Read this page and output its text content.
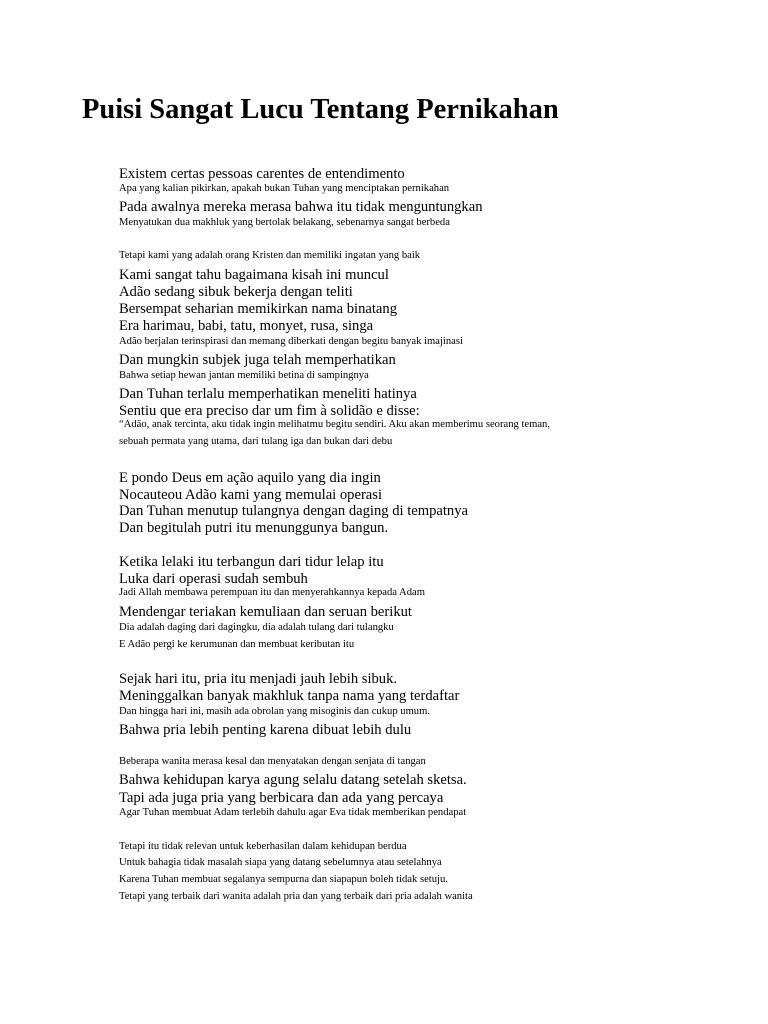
Puisi Sangat Lucu Tentang Pernikahan

Existem certas pessoas carentes de entendimento

Apa yang kalian pikirkan, apakah bukan Tuhan yang menciptakan pernikahan

Pada awalnya mereka merasa bahwa itu tidak menguntungkan

Menyatukan dua makhluk yang bertolak belakang, sebenarnya sangat berbeda

Tetapi kami yang adalah orang Kristen dan memiliki ingatan yang baik

Kami sangat tahu bagaimana kisah ini muncul

Adão sedang sibuk bekerja dengan teliti

Bersempat seharian memikirkan nama binatang

Era harimau, babi, tatu, monyet, rusa, singa

Adão berjalan terinspirasi dan memang diberkati dengan begitu banyak imajinasi

Dan mungkin subjek juga telah memperhatikan

Bahwa setiap hewan jantan memiliki betina di sampingnya

Dan Tuhan terlalu memperhatikan meneliti hatinya

Sentiu que era preciso dar um fim à solidão e disse:

“Adão, anak tercinta, aku tidak ingin melihatmu begitu sendiri. Aku akan memberimu seorang teman,

sebuah permata yang utama, dari tulang iga dan bukan dari debu

E pondo Deus em ação aquilo yang dia ingin

Nocauteou Adão kami yang memulai operasi

Dan Tuhan menutup tulangnya dengan daging di tempatnya

Dan begitulah putri itu menunggunya bangun.

Ketika lelaki itu terbangun dari tidur lelap itu

Luka dari operasi sudah sembuh

Jadi Allah membawa perempuan itu dan menyerahkannya kepada Adam

Mendengar teriakan kemuliaan dan seruan berikut

Dia adalah daging dari dagingku, dia adalah tulang dari tulangku

E Adão pergi ke kerumunan dan membuat keributan itu

Sejak hari itu, pria itu menjadi jauh lebih sibuk.

Meninggalkan banyak makhluk tanpa nama yang terdaftar

Dan hingga hari ini, masih ada obrolan yang misoginis dan cukup umum.

Bahwa pria lebih penting karena dibuat lebih dulu

Beberapa wanita merasa kesal dan menyatakan dengan senjata di tangan

Bahwa kehidupan karya agung selalu datang setelah sketsa.

Tapi ada juga pria yang berbicara dan ada yang percaya

Agar Tuhan membuat Adam terlebih dahulu agar Eva tidak memberikan pendapat

Tetapi itu tidak relevan untuk keberhasilan dalam kehidupan berdua

Untuk bahagia tidak masalah siapa yang datang sebelumnya atau setelahnya

Karena Tuhan membuat segalanya sempurna dan siapapun boleh tidak setuju.

Tetapi yang terbaik dari wanita adalah pria dan yang terbaik dari pria adalah wanita
